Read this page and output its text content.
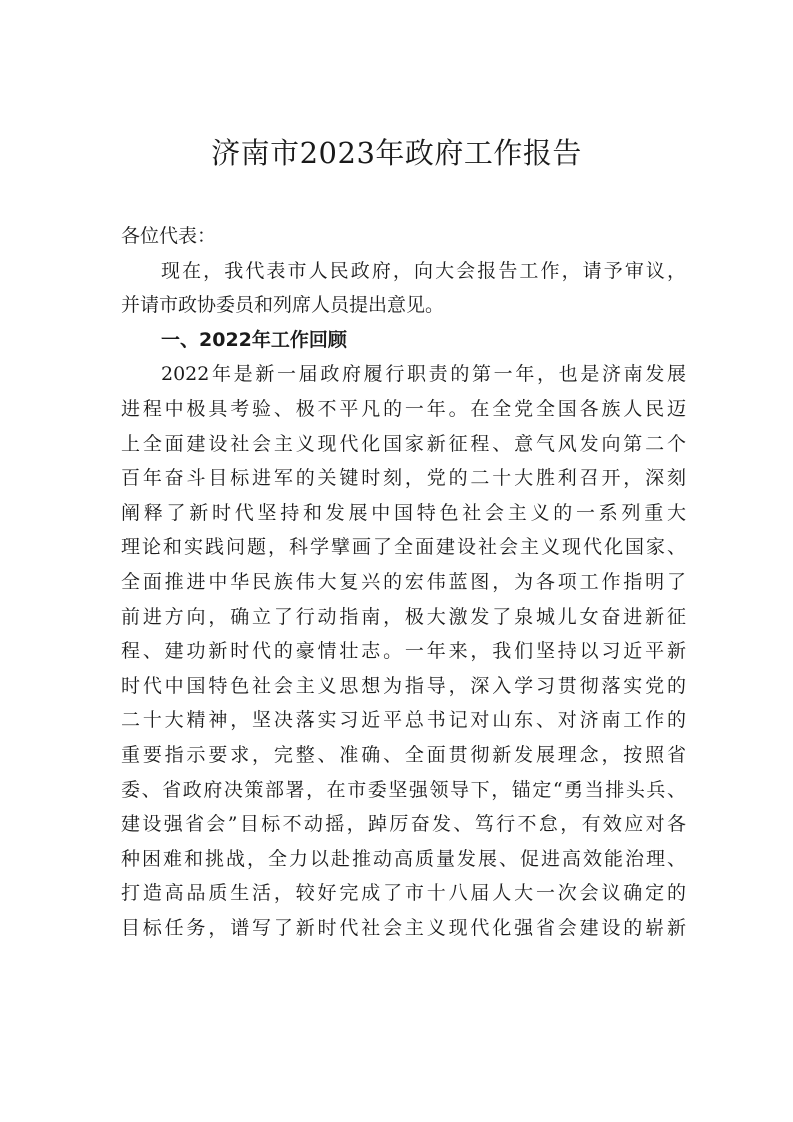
济南市2023年政府工作报告
各位代表：
现在，我代表市人民政府，向大会报告工作，请予审议，
并请市政协委员和列席人员提出意见。
一、2022年工作回顾
2022年是新一届政府履行职责的第一年，也是济南发展
进程中极具考验、极不平凡的一年。在全党全国各族人民迈
上全面建设社会主义现代化国家新征程、意气风发向第二个
百年奋斗目标进军的关键时刻，党的二十大胜利召开，深刻
阐释了新时代坚持和发展中国特色社会主义的一系列重大
理论和实践问题，科学擘画了全面建设社会主义现代化国家、
全面推进中华民族伟大复兴的宏伟蓝图，为各项工作指明了
前进方向，确立了行动指南，极大激发了泉城儿女奋进新征
程、建功新时代的豪情壮志。一年来，我们坚持以习近平新
时代中国特色社会主义思想为指导，深入学习贯彻落实党的
二十大精神，坚决落实习近平总书记对山东、对济南工作的
重要指示要求，完整、准确、全面贯彻新发展理念，按照省
委、省政府决策部署，在市委坚强领导下，锚定“勇当排头兵、
建设强省会”目标不动摇，踔厉奋发、笃行不怠，有效应对各
种困难和挑战，全力以赴推动高质量发展、促进高效能治理、
打造高品质生活，较好完成了市十八届人大一次会议确定的
目标任务，谱写了新时代社会主义现代化强省会建设的崭新
